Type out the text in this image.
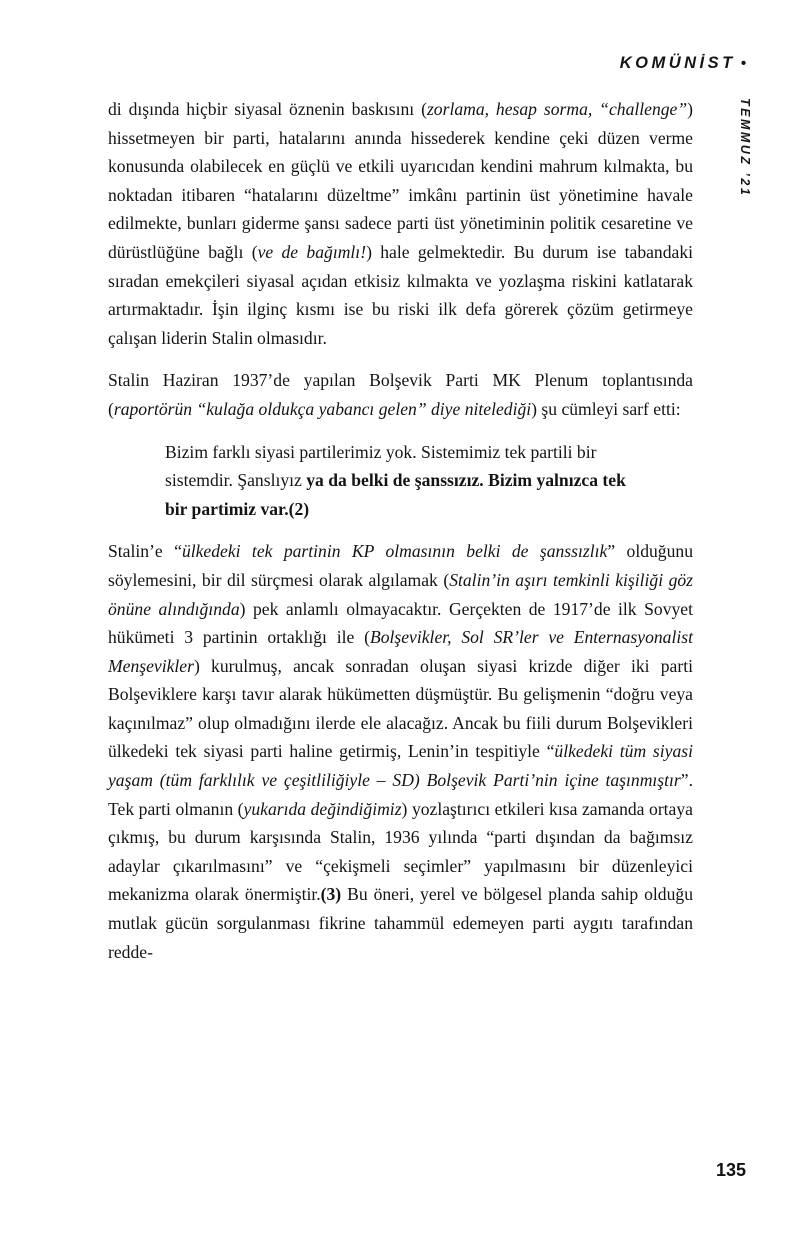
KOMÜNİST •
TEMMUZ ’21

di dışında hiçbir siyasal öznenin baskısını (zorlama, hesap sorma, “challenge”) hissetmeyen bir parti, hatalarını anında hissederek kendine çeki düzen verme konusunda olabilecek en güçlü ve etkili uyarıcıdan kendini mahrum kılmakta, bu noktadan itibaren “hatalarını düzeltme” imkânı partinin üst yönetimine havale edilmekte, bunları giderme şansı sadece parti üst yönetiminin politik cesaretine ve dürüstlüğüne bağlı (ve de bağımlı!) hale gelmektedir. Bu durum ise tabandaki sıradan emekçileri siyasal açıdan etkisiz kılmakta ve yozlaşma riskini katlatarak artırmaktadır. İşin ilginç kısmı ise bu riski ilk defa görerek çözüm getirmeye çalışan liderin Stalin olmasıdır.

Stalin Haziran 1937’de yapılan Bolşevik Parti MK Plenum toplantısında (raportörün “kulağa oldukça yabancı gelen” diye nitelediği) şu cümleyi sarf etti:

Bizim farklı siyasi partilerimiz yok. Sistemimiz tek partili bir sistemdir. Şanslıyız ya da belki de şanssızız. Bizim yalnızca tek bir partimiz var.(2)

Stalin’e “ülkedeki tek partinin KP olmasının belki de şanssızlık” olduğunu söylemesini, bir dil sürçmesi olarak algılamak (Stalin’in aşırı temkinli kişiliği göz önüne alındığında) pek anlamlı olmayacaktır. Gerçekten de 1917’de ilk Sovyet hükümeti 3 partinin ortaklığı ile (Bolşevikler, Sol SR’ler ve Enternasyonalist Menşevikler) kurulmuş, ancak sonradan oluşan siyasi krizde diğer iki parti Bolşeviklere karşı tavır alarak hükümetten düşmüştür. Bu gelişmenin “doğru veya kaçınılmaz” olup olmadığını ilerde ele alacağız. Ancak bu fiili durum Bolşevikleri ülkedeki tek siyasi parti haline getirmiş, Lenin’in tespitiyle “ülkedeki tüm siyasi yaşam (tüm farklılık ve çeşitliliğiyle – SD) Bolşevik Parti’nin içine taşınmıştır”. Tek parti olmanın (yukarıda değindiğimiz) yozlaştırıcı etkileri kısa zamanda ortaya çıkmış, bu durum karşısında Stalin, 1936 yılında “parti dışından da bağımsız adaylar çıkarılmasını” ve “çekişmeli seçimler” yapılmasını bir düzenleyici mekanizma olarak önermiştir.(3) Bu öneri, yerel ve bölgesel planda sahip olduğu mutlak gücün sorgulanması fikrine tahammül edemeyen parti aygıtı tarafından redde-

135
